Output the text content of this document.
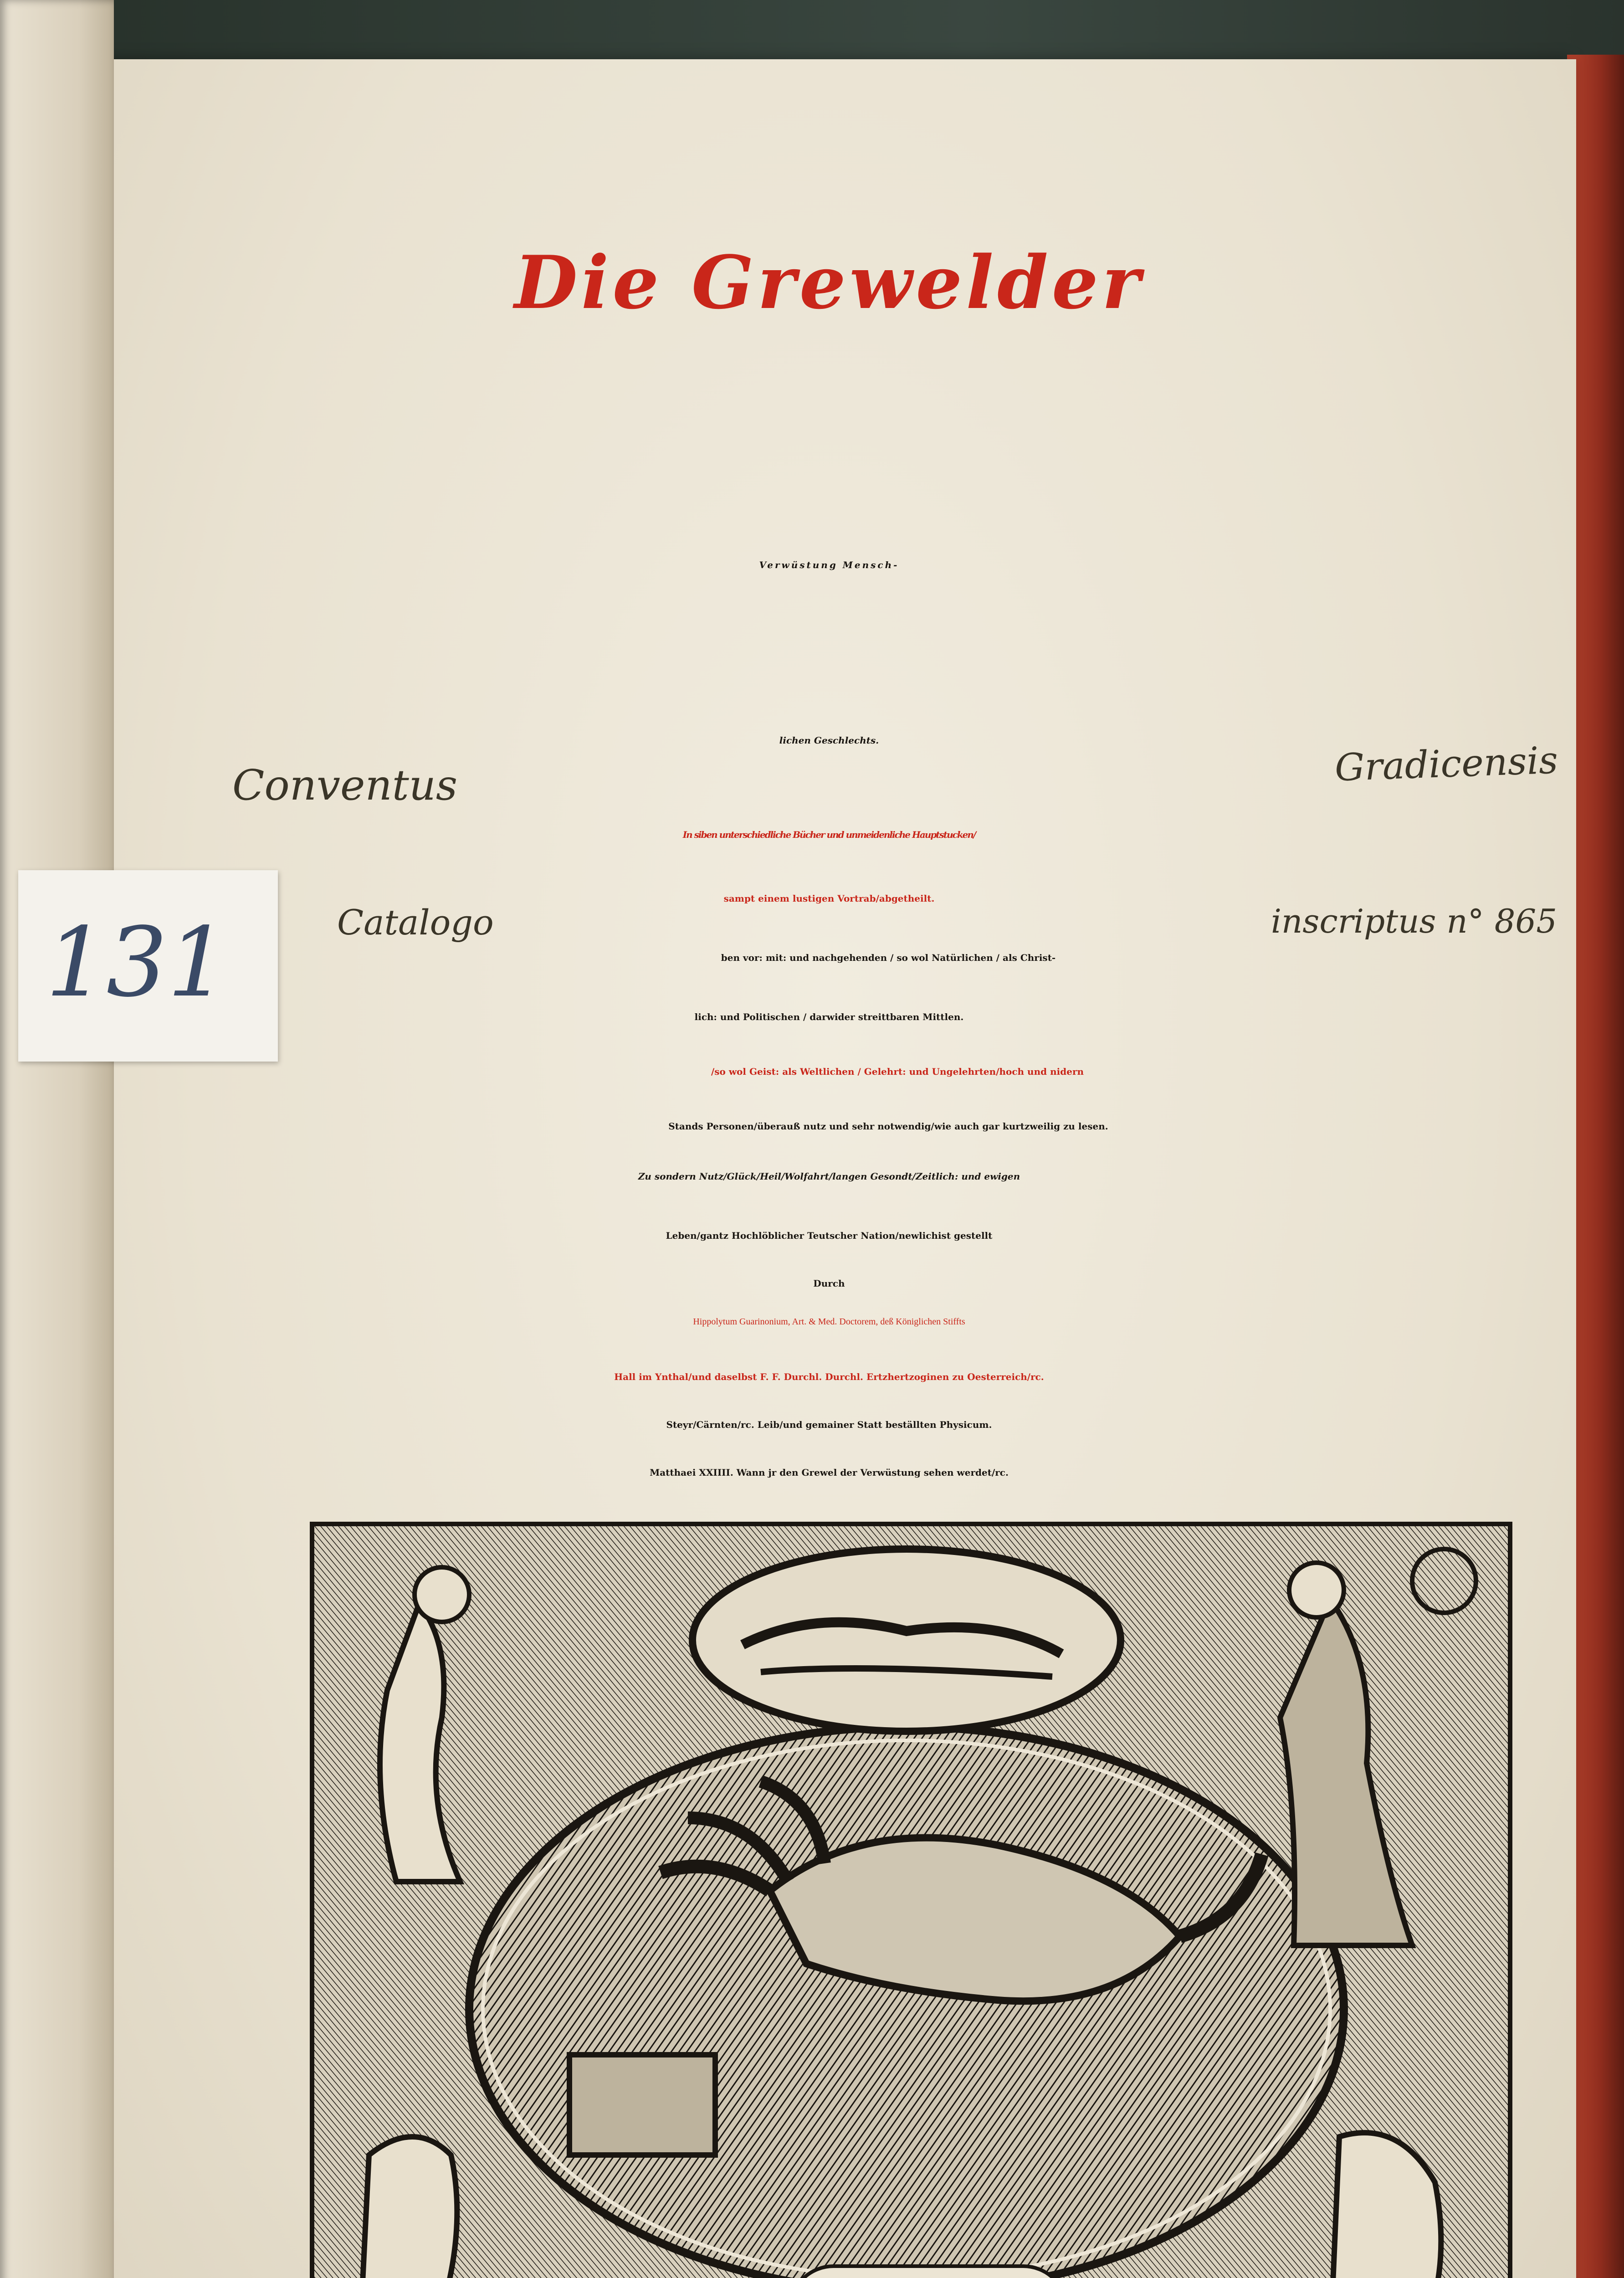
Die Grewelder
Verwüstung Mensch-
lichen Geschlechts.
Conventus	Gradicensis
In siben unterschiedliche Bücher und unmeidenliche Hauptstucken/
sampt einem lustigen Vortrab/abgetheilt.
Catalogo	inscriptus n° 865
ben vor: mit: und nachgehenden / so wol Natürlichen / als Christ-
lich: und Politischen / darwider streittbaren Mittlen.
/so wol Geist: als Weltlichen / Gelehrt: und Ungelehrten/hoch und nidern
Stands Personen/überauß nutz und sehr notwendig/wie auch gar kurtzweilig zu lesen.
Zu sondern Nutz/Glück/Heil/Wolfahrt/langen Gesondt/Zeitlich: und ewigen
Leben/gantz Hochlöblicher Teutscher Nation/newlichist gestellt
Durch
Hippolytum Guarinonium, Art. & Med. Doctorem, deß Königlichen Stiffts
Hall im Ynthal/und daselbst F. F. Durchl. Durchl. Ertzhertzoginen zu Oesterreich/rc.
Steyr/Cärnten/rc. Leib/und gemainer Statt beställten Physicum.
Matthaei XXIIII. Wann jr den Grewel der Verwüstung sehen werdet/rc.
131
